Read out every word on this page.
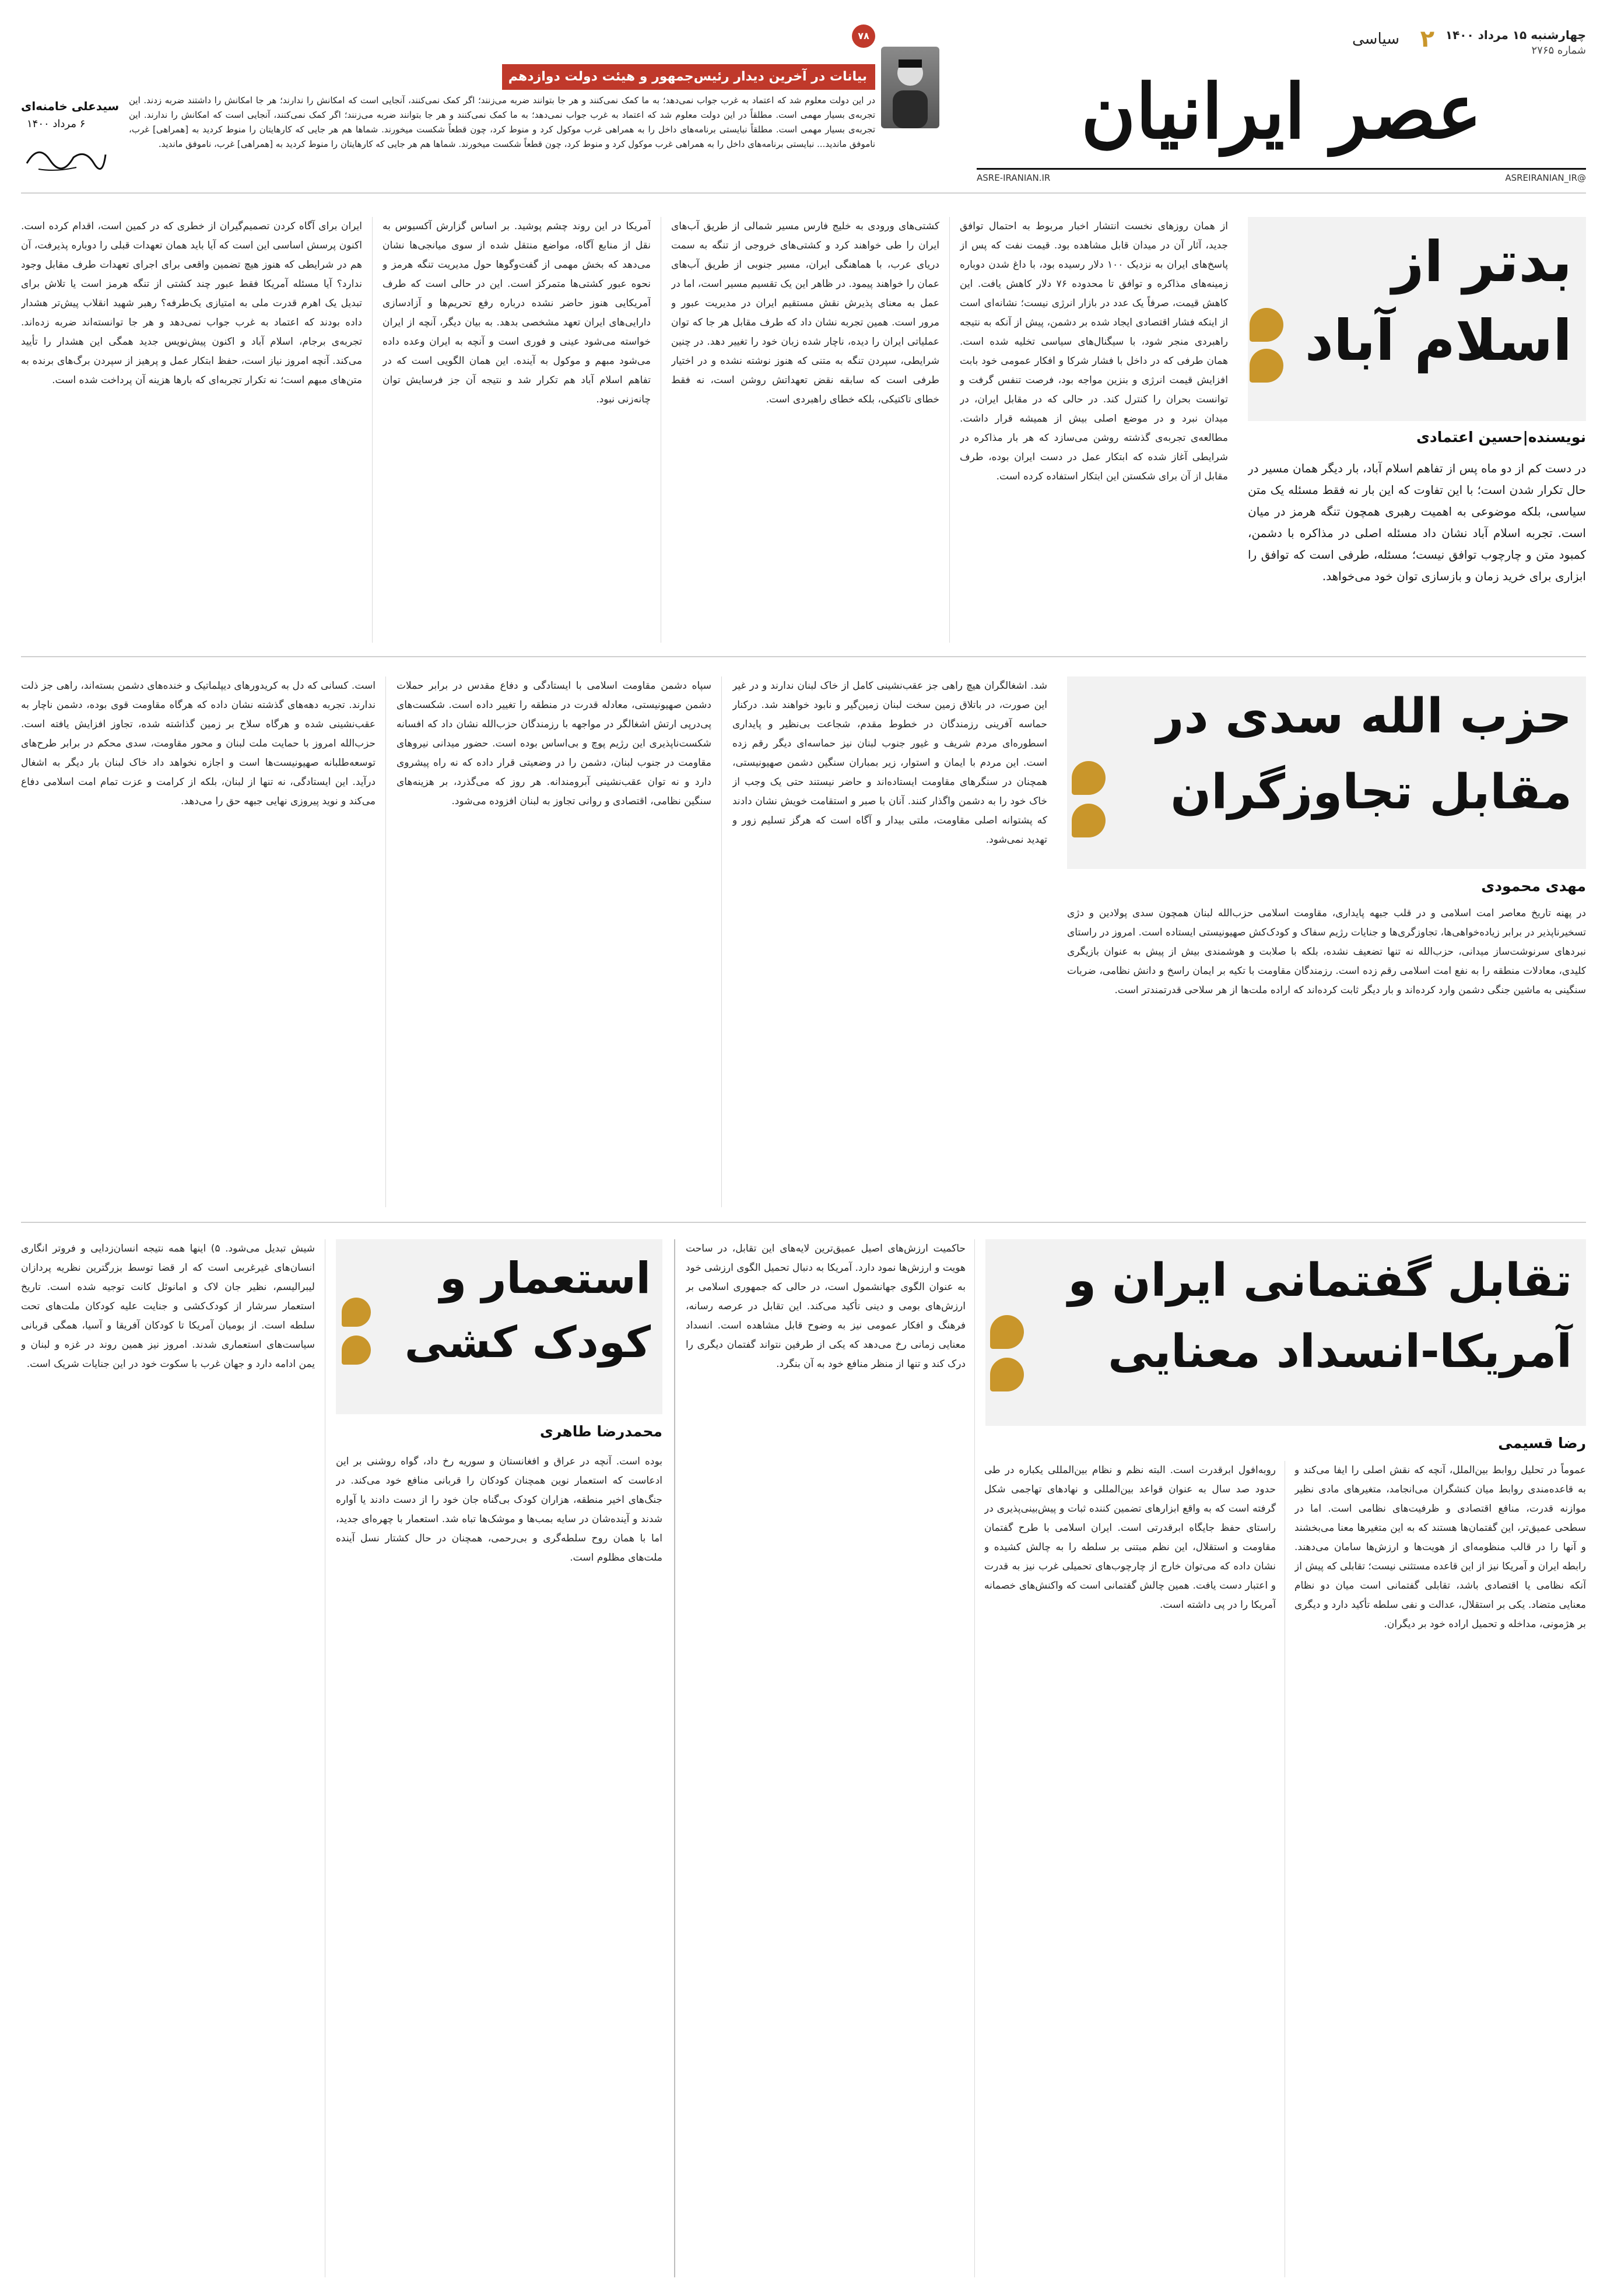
چهارشنبه ۱۵ مرداد ۱۴۰۰
شماره ۲۷۶۵
۲
سیاسی
عصر ایرانیان
@ASREIRANIAN_IR
ASRE-IRANIAN.IR
۷۸
بیانات در آخرین دیدار رئیس‌جمهور و هیئت دولت دوازدهم
در این دولت معلوم شد که اعتماد به غرب جواب نمی‌دهد؛ به ما کمک نمی‌کنند و هر جا بتوانند ضربه می‌زنند؛ اگر کمک نمی‌کنند، آنجایی است که امکانش را ندارند؛ هر جا امکانش را داشتند ضربه زدند. این تجربه‌ی بسیار مهمی است. مطلقاً در این دولت معلوم شد که اعتماد به غرب جواب نمی‌دهد؛ به ما کمک نمی‌کنند و هر جا بتوانند ضربه می‌زنند؛ اگر کمک نمی‌کنند، آنجایی است که امکانش را ندارند. این تجربه‌ی بسیار مهمی است. مطلقاً نبایستی برنامه‌های داخل را به همراهی غرب موکول کرد و منوط کرد، چون قطعاً شکست میخورند. شماها هم هر جایی که کارهایتان را منوط کردید به [همراهی] غرب، ناموفق ماندید... نبایستی برنامه‌های داخل را به همراهی غرب موکول کرد و منوط کرد، چون قطعاً شکست میخورند. شماها هم هر جایی که کارهایتان را منوط کردید به [همراهی] غرب، ناموفق ماندید.
سیدعلی خامنه‌ای
۶ مرداد ۱۴۰۰
بدتر از
اسلام آباد
نویسنده|حسین اعتمادی
در دست کم از دو ماه پس از تفاهم اسلام آباد، بار دیگر همان مسیر در حال تکرار شدن است؛ با این تفاوت که این بار نه فقط مسئله یک متن سیاسی، بلکه موضوعی به اهمیت رهبری همچون تنگه هرمز در میان است. تجربه اسلام آباد نشان داد مسئله اصلی در مذاکره با دشمن، کمبود متن و چارچوب توافق نیست؛ مسئله، طرفی است که توافق را ابزاری برای خرید زمان و بازسازی توان خود می‌خواهد.
از همان روزهای نخست انتشار اخبار مربوط به احتمال توافق جدید، آثار آن در میدان قابل مشاهده بود. قیمت نفت که پس از پاسخ‌های ایران به نزدیک ۱۰۰ دلار رسیده بود، با داغ شدن دوباره زمینه‌های مذاکره و توافق تا محدوده ۷۶ دلار کاهش یافت. این کاهش قیمت، صرفاً یک عدد در بازار انرژی نیست؛ نشانه‌ای است از اینکه فشار اقتصادی ایجاد شده بر دشمن، پیش از آنکه به نتیجه راهبردی منجر شود، با سیگنال‌های سیاسی تخلیه شده است. همان طرفی که در داخل با فشار شرکا و افکار عمومی خود بابت افزایش قیمت انرژی و بنزین مواجه بود، فرصت تنفس گرفت و توانست بحران را کنترل کند. در حالی که در مقابل ایران، در میدان نبرد و در موضع اصلی بیش از همیشه قرار داشت. مطالعه‌ی تجربه‌ی گذشته روشن می‌سازد که هر بار مذاکره در شرایطی آغاز شده که ابتکار عمل در دست ایران بوده، طرف مقابل از آن برای شکستن این ابتکار استفاده کرده است.
کشتی‌های ورودی به خلیج فارس مسیر شمالی از طریق آب‌های ایران را طی خواهند کرد و کشتی‌های خروجی از تنگه به سمت دریای عرب، با هماهنگی ایران، مسیر جنوبی از طریق آب‌های عمان را خواهند پیمود. در ظاهر این یک تقسیم مسیر است، اما در عمل به معنای پذیرش نقش مستقیم ایران در مدیریت عبور و مرور است. همین تجربه نشان داد که طرف مقابل هر جا که توان عملیاتی ایران را دیده، ناچار شده زبان خود را تغییر دهد. در چنین شرایطی، سپردن تنگه به متنی که هنوز نوشته نشده و در اختیار طرفی است که سابقه نقض تعهداتش روشن است، نه فقط خطای تاکتیکی، بلکه خطای راهبردی است.
آمریکا در این روند چشم پوشید. بر اساس گزارش آکسیوس به نقل از منابع آگاه، مواضع منتقل شده از سوی میانجی‌ها نشان می‌دهد که بخش مهمی از گفت‌وگوها حول مدیریت تنگه هرمز و نحوه عبور کشتی‌ها متمرکز است. این در حالی است که طرف آمریکایی هنوز حاضر نشده درباره رفع تحریم‌ها و آزادسازی دارایی‌های ایران تعهد مشخصی بدهد. به بیان دیگر، آنچه از ایران خواسته می‌شود عینی و فوری است و آنچه به ایران وعده داده می‌شود مبهم و موکول به آینده. این همان الگویی است که در تفاهم اسلام آباد هم تکرار شد و نتیجه آن جز فرسایش توان چانه‌زنی نبود.
ایران برای آگاه کردن تصمیم‌گیران از خطری که در کمین است، اقدام کرده است. اکنون پرسش اساسی این است که آیا باید همان تعهدات قبلی را دوباره پذیرفت، آن هم در شرایطی که هنوز هیچ تضمین واقعی برای اجرای تعهدات طرف مقابل وجود ندارد؟ آیا مسئله آمریکا فقط عبور چند کشتی از تنگه هرمز است یا تلاش برای تبدیل یک اهرم قدرت ملی به امتیازی یک‌طرفه؟ رهبر شهید انقلاب پیش‌تر هشدار داده بودند که اعتماد به غرب جواب نمی‌دهد و هر جا توانسته‌اند ضربه زده‌اند. تجربه‌ی برجام، اسلام آباد و اکنون پیش‌نویس جدید همگی این هشدار را تأیید می‌کند. آنچه امروز نیاز است، حفظ ابتکار عمل و پرهیز از سپردن برگ‌های برنده به متن‌های مبهم است؛ نه تکرار تجربه‌ای که بارها هزینه آن پرداخت شده است.
حزب الله سدی در
مقابل تجاوزگران
مهدی محمودی
در پهنه تاریخ معاصر امت اسلامی و در قلب جبهه پایداری، مقاومت اسلامی حزب‌الله لبنان همچون سدی پولادین و دژی تسخیرناپذیر در برابر زیاده‌خواهی‌ها، تجاوزگری‌ها و جنایات رژیم سفاک و کودک‌کش صهیونیستی ایستاده است. امروز در راستای نبردهای سرنوشت‌ساز میدانی، حزب‌الله نه تنها تضعیف نشده، بلکه با صلابت و هوشمندی بیش از پیش به عنوان بازیگری کلیدی، معادلات منطقه را به نفع امت اسلامی رقم زده است. رزمندگان مقاومت با تکیه بر ایمان راسخ و دانش نظامی، ضربات سنگینی به ماشین جنگی دشمن وارد کرده‌اند و بار دیگر ثابت کرده‌اند که اراده ملت‌ها از هر سلاحی قدرتمندتر است.
شد. اشغالگران هیچ راهی جز عقب‌نشینی کامل از خاک لبنان ندارند و در غیر این صورت، در باتلاق زمین سخت لبنان زمین‌گیر و نابود خواهند شد. درکنار حماسه آفرینی رزمندگان در خطوط مقدم، شجاعت بی‌نظیر و پایداری اسطوره‌ای مردم شریف و غیور جنوب لبنان نیز حماسه‌ای دیگر رقم زده است. این مردم با ایمان و استوار، زیر بمباران سنگین دشمن صهیونیستی، همچنان در سنگرهای مقاومت ایستاده‌اند و حاضر نیستند حتی یک وجب از خاک خود را به دشمن واگذار کنند. آنان با صبر و استقامت خویش نشان دادند که پشتوانه اصلی مقاومت، ملتی بیدار و آگاه است که هرگز تسلیم زور و تهدید نمی‌شود.
سپاه دشمن مقاومت اسلامی با ایستادگی و دفاع مقدس در برابر حملات دشمن صهیونیستی، معادله قدرت در منطقه را تغییر داده است. شکست‌های پی‌درپی ارتش اشغالگر در مواجهه با رزمندگان حزب‌الله نشان داد که افسانه شکست‌ناپذیری این رژیم پوچ و بی‌اساس بوده است. حضور میدانی نیروهای مقاومت در جنوب لبنان، دشمن را در وضعیتی قرار داده که نه راه پیشروی دارد و نه توان عقب‌نشینی آبرومندانه. هر روز که می‌گذرد، بر هزینه‌های سنگین نظامی، اقتصادی و روانی تجاوز به لبنان افزوده می‌شود.
است. کسانی که دل به کریدورهای دیپلماتیک و خنده‌های دشمن بسته‌اند، راهی جز ذلت ندارند. تجربه دهه‌های گذشته نشان داده که هرگاه مقاومت قوی بوده، دشمن ناچار به عقب‌نشینی شده و هرگاه سلاح بر زمین گذاشته شده، تجاوز افزایش یافته است. حزب‌الله امروز با حمایت ملت لبنان و محور مقاومت، سدی محکم در برابر طرح‌های توسعه‌طلبانه صهیونیست‌ها است و اجازه نخواهد داد خاک لبنان بار دیگر به اشغال درآید. این ایستادگی، نه تنها از لبنان، بلکه از کرامت و عزت تمام امت اسلامی دفاع می‌کند و نوید پیروزی نهایی جبهه حق را می‌دهد.
تقابل گفتمانی ایران و
آمریکا-انسداد معنایی
رضا قسیمی
عموماً در تحلیل روابط بین‌الملل، آنچه که نقش اصلی را ایفا می‌کند و به قاعده‌مندی روابط میان کنشگران می‌انجامد، متغیرهای مادی نظیر موازنه قدرت، منافع اقتصادی و ظرفیت‌های نظامی است. اما در سطحی عمیق‌تر، این گفتمان‌ها هستند که به این متغیرها معنا می‌بخشند و آنها را در قالب منظومه‌ای از هویت‌ها و ارزش‌ها سامان می‌دهند. رابطه ایران و آمریکا نیز از این قاعده مستثنی نیست؛ تقابلی که پیش از آنکه نظامی یا اقتصادی باشد، تقابلی گفتمانی است میان دو نظام معنایی متضاد. یکی بر استقلال، عدالت و نفی سلطه تأکید دارد و دیگری بر هژمونی، مداخله و تحمیل اراده خود بر دیگران.
روبه‌افول ابرقدرت است. البته نظم و نظام بین‌المللی یکباره در طی حدود صد سال به عنوان قواعد بین‌المللی و نهادهای تهاجمی شکل گرفته است که به واقع ابزارهای تضمین کننده ثبات و پیش‌بینی‌پذیری در راستای حفظ جایگاه ابرقدرتی است. ایران اسلامی با طرح گفتمان مقاومت و استقلال، این نظم مبتنی بر سلطه را به چالش کشیده و نشان داده که می‌توان خارج از چارچوب‌های تحمیلی غرب نیز به قدرت و اعتبار دست یافت. همین چالش گفتمانی است که واکنش‌های خصمانه آمریکا را در پی داشته است.
حاکمیت ارزش‌های اصیل عمیق‌ترین لایه‌های این تقابل، در ساحت هویت و ارزش‌ها نمود دارد. آمریکا به دنبال تحمیل الگوی ارزشی خود به عنوان الگوی جهانشمول است، در حالی که جمهوری اسلامی بر ارزش‌های بومی و دینی تأکید می‌کند. این تقابل در عرصه رسانه، فرهنگ و افکار عمومی نیز به وضوح قابل مشاهده است. انسداد معنایی زمانی رخ می‌دهد که یکی از طرفین نتواند گفتمان دیگری را درک کند و تنها از منظر منافع خود به آن بنگرد.
استعمار و
کودک کشی
محمدرضا طاهری
بوده است. آنچه در عراق و افغانستان و سوریه رخ داد، گواه روشنی بر این ادعاست که استعمار نوین همچنان کودکان را قربانی منافع خود می‌کند. در جنگ‌های اخیر منطقه، هزاران کودک بی‌گناه جان خود را از دست دادند یا آواره شدند و آینده‌شان در سایه بمب‌ها و موشک‌ها تباه شد. استعمار با چهره‌ای جدید، اما با همان روح سلطه‌گری و بی‌رحمی، همچنان در حال کشتار نسل آینده ملت‌های مظلوم است.
شیش تبدیل می‌شود. ۵) اینها همه نتیجه انسان‌زدایی و فروتر انگاری انسان‌های غیرغربی است که ار قضا توسط بزرگترین نظریه پردازان لیبرالیسم، نظیر جان لاک و امانوئل کانت توجیه شده است. تاریخ استعمار سرشار از کودک‌کشی و جنایت علیه کودکان ملت‌های تحت سلطه است. از بومیان آمریکا تا کودکان آفریقا و آسیا، همگی قربانی سیاست‌های استعماری شدند. امروز نیز همین روند در غزه و لبنان و یمن ادامه دارد و جهان غرب با سکوت خود در این جنایات شریک است.
